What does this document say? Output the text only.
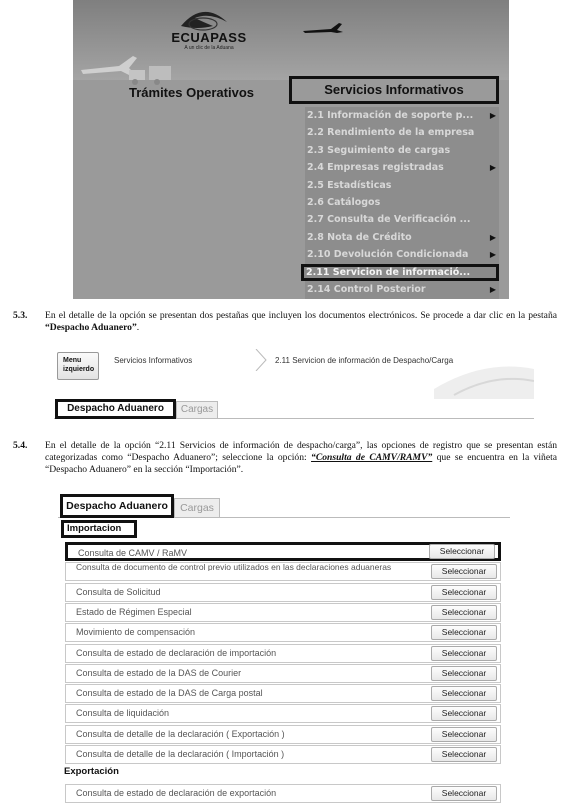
ECUAPASS
A un clic de la Aduana
Trámites Operativos	Servicios Informativos
2.1 Información de soporte p... ▶
2.2 Rendimiento de la empresa
2.3 Seguimiento de cargas
2.4 Empresas registradas	▶
2.5 Estadísticas
2.6 Catálogos
2.7 Consulta de Verificación ...
2.8 Nota de Crédito	▶
2.10 Devolución Condicionada	▶
2.11 Servicion de informació...
2.14 Control Posterior	▶
5.3. En el detalle de la opción se presentan dos pestañas que incluyen los documentos electrónicos. Se procede a dar clic en la pestaña “Despacho Aduanero”.
Menu izquierdo
Servicios Informativos	2.11 Servicion de información de Despacho/Carga
Despacho Aduanero	Cargas
5.4. En el detalle de la opción “2.11 Servicios de información de despacho/carga”, las opciones de registro que se presentan están categorizadas como “Despacho Aduanero”; seleccione la opción: “Consulta de CAMV/RAMV” que se encuentra en la viñeta “Despacho Aduanero” en la sección “Importación”.
Despacho Aduanero	Cargas
Importacion
Consulta de CAMV / RaMV	Seleccionar
Consulta de documento de control previo utilizados en las declaraciones aduaneras	Seleccionar
Consulta de Solicitud	Seleccionar
Estado de Régimen Especial	Seleccionar
Movimiento de compensación	Seleccionar
Consulta de estado de declaración de importación	Seleccionar
Consulta de estado de la DAS de Courier	Seleccionar
Consulta de estado de la DAS de Carga postal	Seleccionar
Consulta de liquidación	Seleccionar
Consulta de detalle de la declaración ( Exportación )	Seleccionar
Consulta de detalle de la declaración ( Importación )	Seleccionar
Exportación
Consulta de estado de declaración de exportación	Seleccionar
